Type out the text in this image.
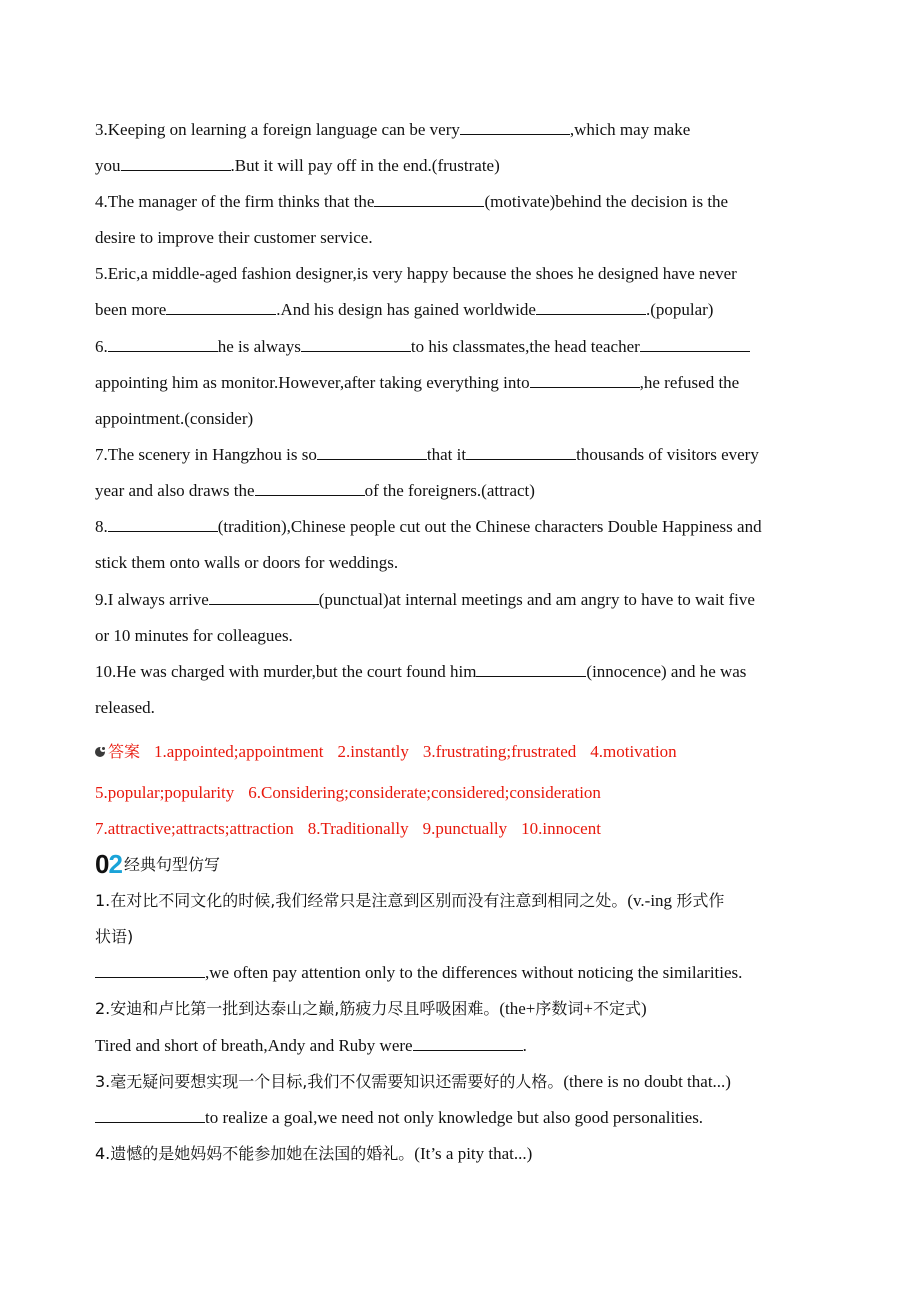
3.Keeping on learning a foreign language can be very	,which may make
you	.But it will pay off in the end.(frustrate)
4.The manager of the firm thinks that the	(motivate)behind the decision is the
desire to improve their customer service.
5.Eric,a middle-aged fashion designer,is very happy because the shoes he designed have never
been more	.And his design has gained worldwide	.(popular)
6.	he is always	to his classmates,the head teacher
appointing him as monitor.However,after taking everything into	,he refused the
appointment.(consider)
7.The scenery in Hangzhou is so	that it	thousands of visitors every
year and also draws the	of the foreigners.(attract)
8.	(tradition),Chinese people cut out the Chinese characters Double Happiness and
stick them onto walls or doors for weddings.
9.I always arrive	(punctual)at internal meetings and am angry to have to wait five
or 10 minutes for colleagues.
10.He was charged with murder,but the court found him	(innocence) and he was
released.
答案 1.appointed;appointment 2.instantly 3.frustrating;frustrated 4.motivation
5.popular;popularity 6.Considering;considerate;considered;consideration
7.attractive;attracts;attraction 8.Traditionally 9.punctually 10.innocent
02经典句型仿写
1.在对比不同文化的时候,我们经常只是注意到区别而没有注意到相同之处。(v.-ing 形式作
状语)
,we often pay attention only to the differences without noticing the similarities.
2.安迪和卢比第一批到达泰山之巅,筋疲力尽且呼吸困难。(the+序数词+不定式)
Tired and short of breath,Andy and Ruby were	.
3.毫无疑问要想实现一个目标,我们不仅需要知识还需要好的人格。(there is no doubt that...)
to realize a goal,we need not only knowledge but also good personalities.
4.遗憾的是她妈妈不能参加她在法国的婚礼。(It’s a pity that...)
